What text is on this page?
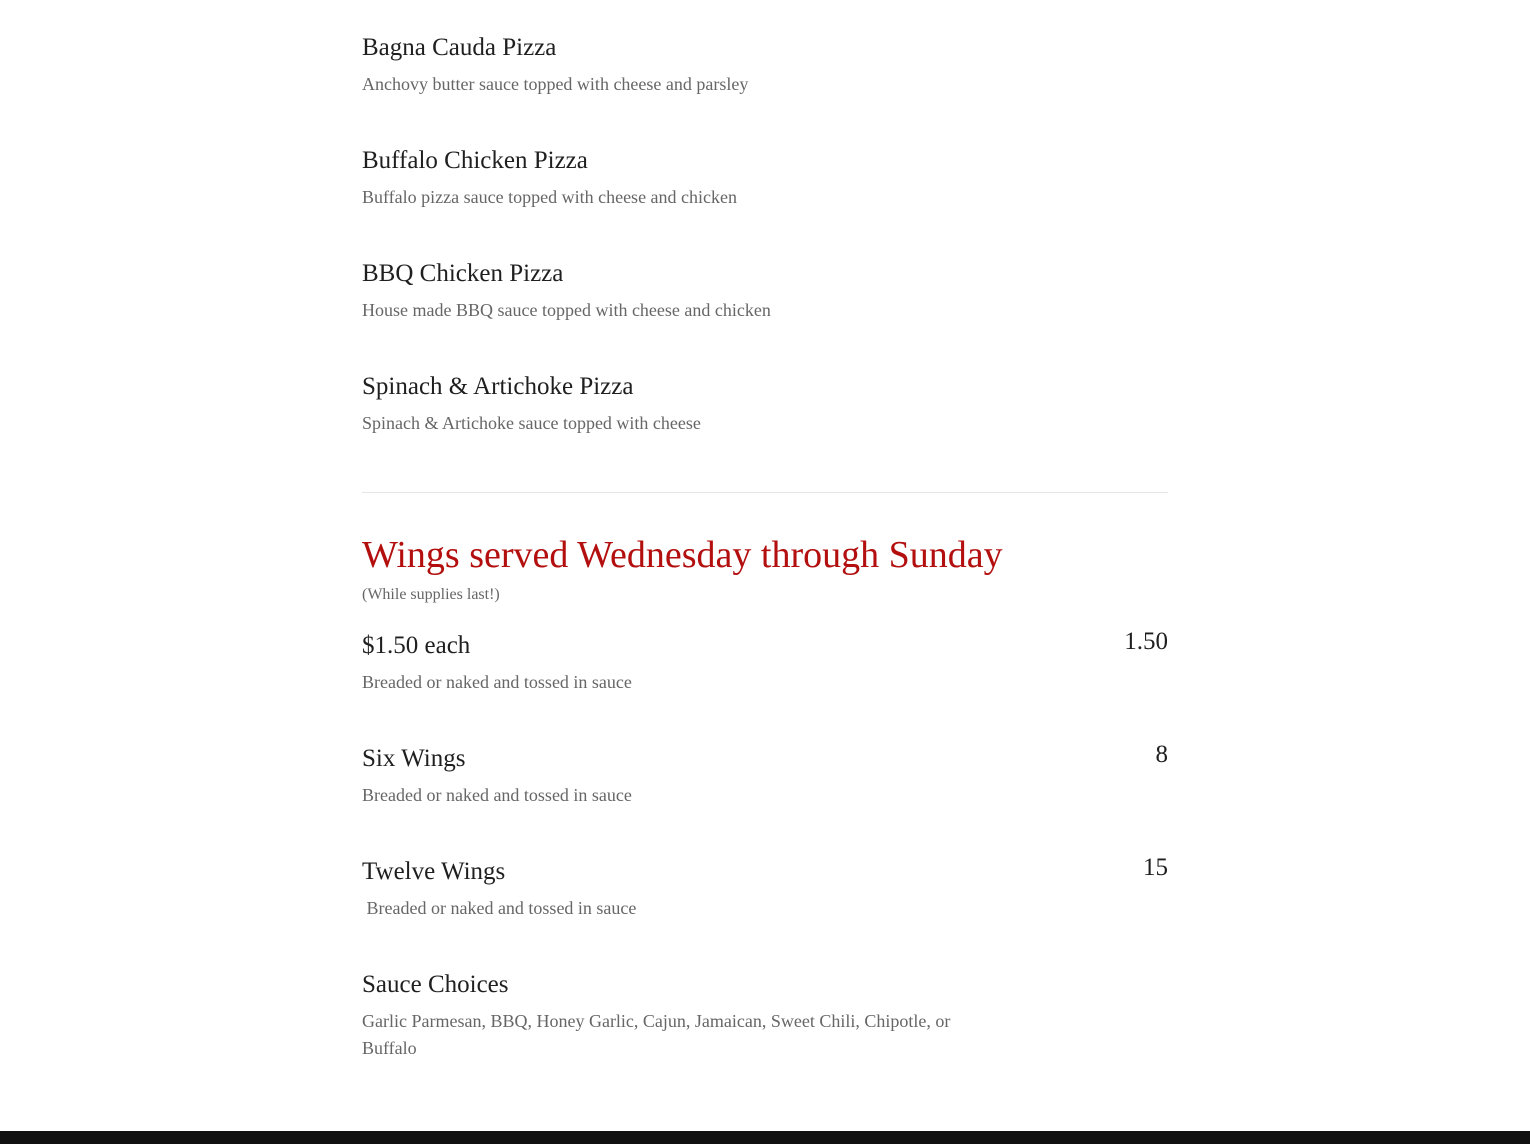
Bagna Cauda Pizza
Anchovy butter sauce topped with cheese and parsley
Buffalo Chicken Pizza
Buffalo pizza sauce topped with cheese and chicken
BBQ Chicken Pizza
House made BBQ sauce topped with cheese and chicken
Spinach & Artichoke Pizza
Spinach & Artichoke sauce topped with cheese
Wings served Wednesday through Sunday
(While supplies last!)
$1.50 each	1.50
Breaded or naked and tossed in sauce
Six Wings	8
Breaded or naked and tossed in sauce
Twelve Wings	15
Breaded or naked and tossed in sauce
Sauce Choices
Garlic Parmesan, BBQ, Honey Garlic, Cajun, Jamaican, Sweet Chili, Chipotle, or Buffalo
